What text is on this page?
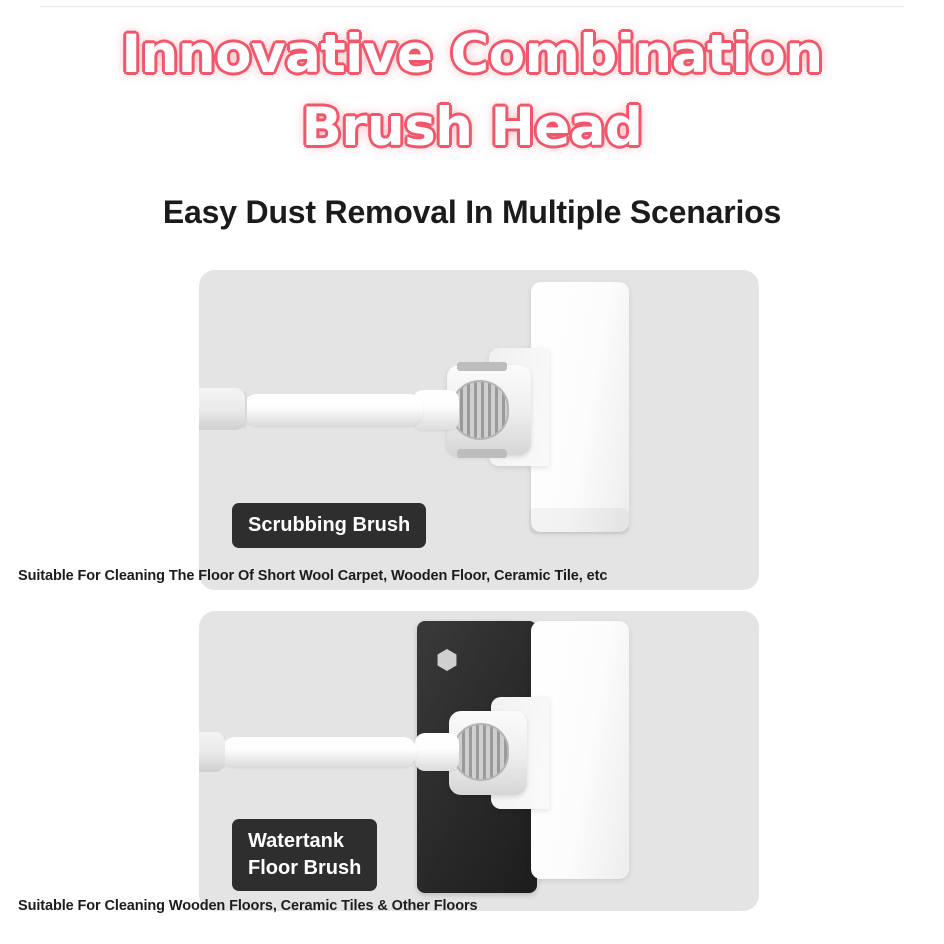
Innovative Combination
Brush Head
Easy Dust Removal In Multiple Scenarios
Scrubbing Brush
Suitable For Cleaning The Floor Of Short Wool Carpet, Wooden Floor, Ceramic Tile, etc
Watertank
Floor Brush
Suitable For Cleaning Wooden Floors, Ceramic Tiles & Other Floors
